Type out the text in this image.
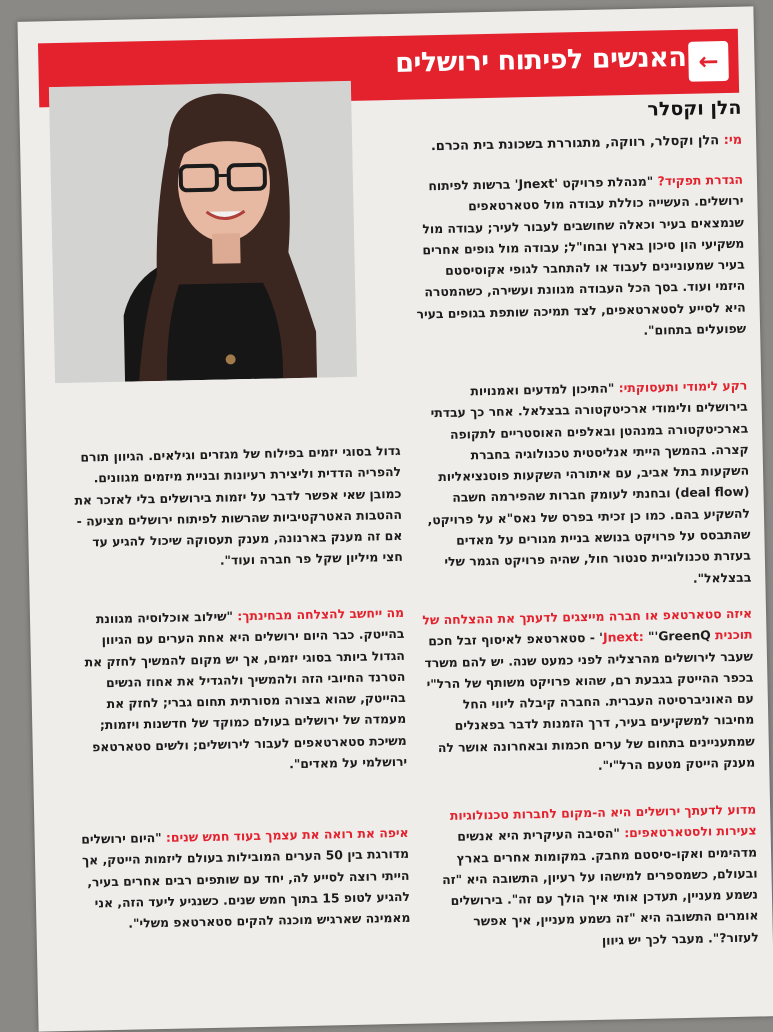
האנשים לפיתוח ירושלים ←
הלן וקסלר
מי: הלן וקסלר, רווקה, מתגוררת בשכונת בית הכרם.
הגדרת תפקיד? "מנהלת פרויקט 'Jnext' ברשות לפיתוח ירושלים. העשייה כוללת עבודה מול סטארטאפים שנמצאים בעיר וכאלה שחושבים לעבור לעיר; עבודה מול משקיעי הון סיכון בארץ ובחו"ל; עבודה מול גופים אחרים בעיר שמעוניינים לעבוד או להתחבר לגופי אקוסיסטם היזמי ועוד. בסך הכל העבודה מגוונת ועשירה, כשהמטרה היא לסייע לסטארטאפים, לצד תמיכה שותפת בגופים בעיר שפועלים בתחום".
רקע לימודי ותעסוקתי: "התיכון למדעים ואמנויות בירושלים ולימודי ארכיטקטורה בבצלאל. אחר כך עבדתי בארכיטקטורה במנהטן ובאלפים האוסטריים לתקופה קצרה. בהמשך הייתי אנליסטית טכנולוגיה בחברת השקעות בתל אביב, עם איתורהי השקעות פוטנציאליות (deal flow) ובחנתי לעומק חברות שהפירמה חשבה להשקיע בהם. כמו כן זכיתי בפרס של נאס"א על פרויקט, שהתבסס על פרויקט בנושא בניית מגורים על מאדים בעזרת טכנולוגיית סנטור חול, שהיה פרויקט הגמר שלי בבצלאל".
איזה סטארטאפ או חברה מייצגים לדעתך את ההצלחה של תוכנית Jnext: "'GreenQ' - סטארטאפ לאיסוף זבל חכם שעבר לירושלים מהרצליה לפני כמעט שנה. יש להם משרד בכפר ההייטק בגבעת רם, שהוא פרויקט משותף של הרל"י עם האוניברסיטה העברית. החברה קיבלה ליווי החל מחיבור למשקיעים בעיר, דרך הזמנות לדבר בפאנלים שמתעניינים בתחום של ערים חכמות ובאחרונה אושר לה מענק הייטק מטעם הרל"י".
מדוע לדעתך ירושלים היא ה-מקום לחברות טכנולוגיות צעירות ולסטארטאפים: "הסיבה העיקרית היא אנשים מדהימים ואקו-סיסטם מחבק. במקומות אחרים בארץ ובעולם, כשמספרים למישהו על רעיון, התשובה היא "זה נשמע מעניין, תעדכן אותי איך הולך עם זה". בירושלים אומרים התשובה היא "זה נשמע מעניין, איך אפשר לעזור?". מעבר לכך יש גיוון
גדול בסוגי יזמים בפילוח של מגזרים וגילאים. הגיוון תורם להפריה הדדית וליצירת רעיונות ובניית מיזמים מגוונים. כמובן שאי אפשר לדבר על יזמות בירושלים בלי לאזכר את ההטבות האטרקטיביות שהרשות לפיתוח ירושלים מציעה - אם זה מענק בארנונה, מענק תעסוקה שיכול להגיע עד חצי מיליון שקל פר חברה ועוד".
מה ייחשב להצלחה מבחינתך: "שילוב אוכלוסיה מגוונת בהייטק. כבר היום ירושלים היא אחת הערים עם הגיוון הגדול ביותר בסוגי יזמים, אך יש מקום להמשיך לחזק את הטרנד החיובי הזה ולהמשיך ולהגדיל את אחוז הנשים בהייטק, שהוא בצורה מסורתית תחום גברי; לחזק את מעמדה של ירושלים בעולם כמוקד של חדשנות ויזמות; משיכת סטארטאפים לעבור לירושלים; ולשים סטארטאפ ירושלמי על מאדים".
איפה את רואה את עצמך בעוד חמש שנים: "היום ירושלים מדורגת בין 50 הערים המובילות בעולם ליזמות הייטק, אך הייתי רוצה לסייע לה, יחד עם שותפים רבים אחרים בעיר, להגיע לטופ 15 בתוך חמש שנים. כשנגיע ליעד הזה, אני מאמינה שארגיש מוכנה להקים סטארטאפ משלי".
